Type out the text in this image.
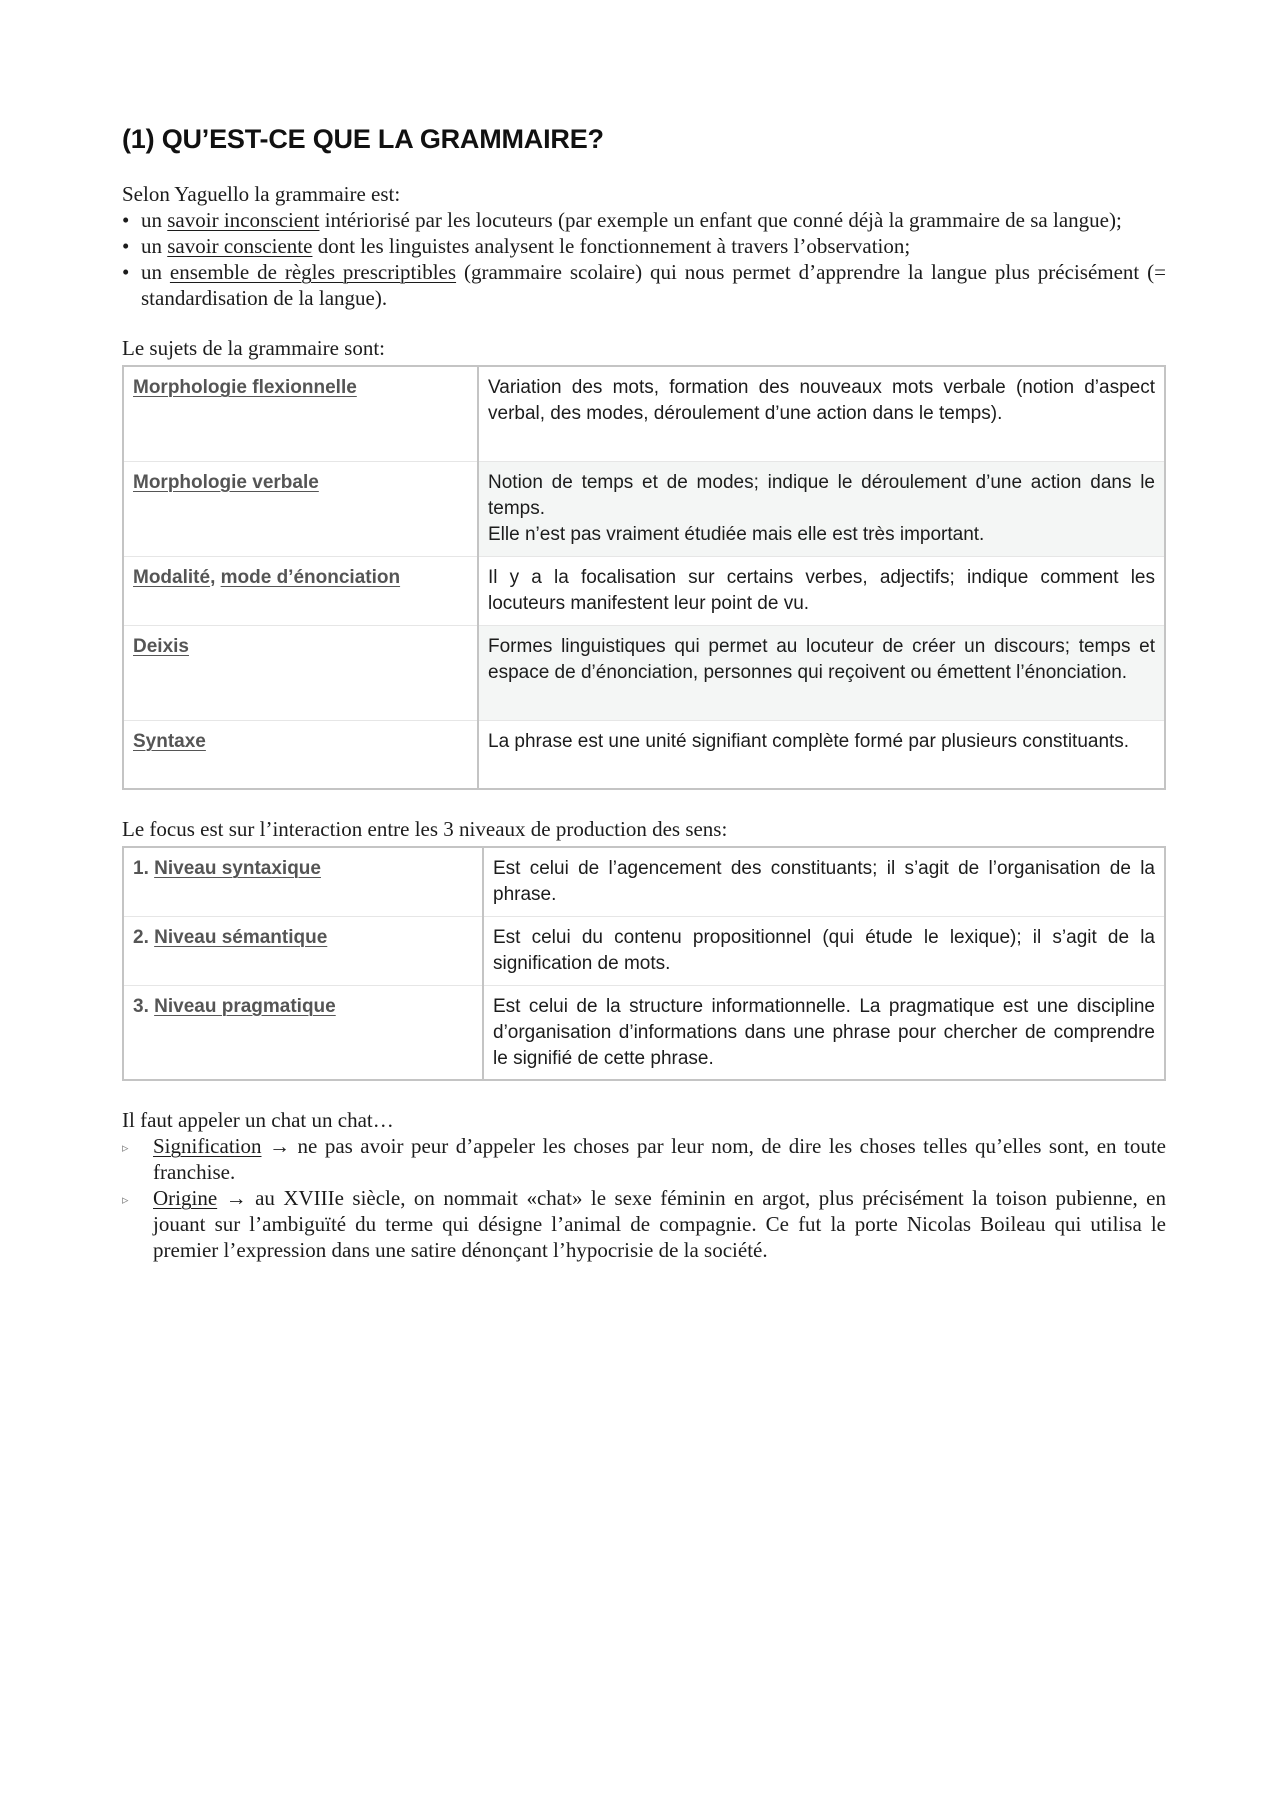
(1) QU’EST-CE QUE LA GRAMMAIRE?

Selon Yaguello la grammaire est:

• un savoir inconscient intériorisé par les locuteurs (par exemple un enfant que conné déjà la grammaire de sa langue);
• un savoir consciente dont les linguistes analysent le fonctionnement à travers l’observation;
• un ensemble de règles prescriptibles (grammaire scolaire) qui nous permet d’apprendre la langue plus précisément (= standardisation de la langue).

Le sujets de la grammaire sont:

Morphologie flexionnelle	Variation des mots, formation des nouveaux mots verbale (notion d’aspect verbal, des modes, déroulement d’une action dans le temps).
Morphologie verbale	Notion de temps et de modes; indique le déroulement d’une action dans le temps.
Elle n’est pas vraiment étudiée mais elle est très important.
Modalité, mode d’énonciation	Il y a la focalisation sur certains verbes, adjectifs; indique comment les locuteurs manifestent leur point de vu.
Deixis	Formes linguistiques qui permet au locuteur de créer un discours; temps et espace de d’énonciation, personnes qui reçoivent ou émettent l’énonciation.
Syntaxe	La phrase est une unité signifiant complète formé par plusieurs constituants.

Le focus est sur l’interaction entre les 3 niveaux de production des sens:

1. Niveau syntaxique	Est celui de l’agencement des constituants; il s’agit de l’organisation de la phrase.
2. Niveau sémantique	Est celui du contenu propositionnel (qui étude le lexique); il s’agit de la signification de mots.
3. Niveau pragmatique	Est celui de la structure informationnelle. La pragmatique est une discipline d’organisation d’informations dans une phrase pour chercher de comprendre le signifié de cette phrase.

Il faut appeler un chat un chat…

▹ Signification → ne pas avoir peur d’appeler les choses par leur nom, de dire les choses telles qu’elles sont, en toute franchise.
▹ Origine → au XVIIIe siècle, on nommait «chat» le sexe féminin en argot, plus précisément la toison pubienne, en jouant sur l’ambiguïté du terme qui désigne l’animal de compagnie. Ce fut la porte Nicolas Boileau qui utilisa le premier l’expression dans une satire dénonçant l’hypocrisie de la société.
